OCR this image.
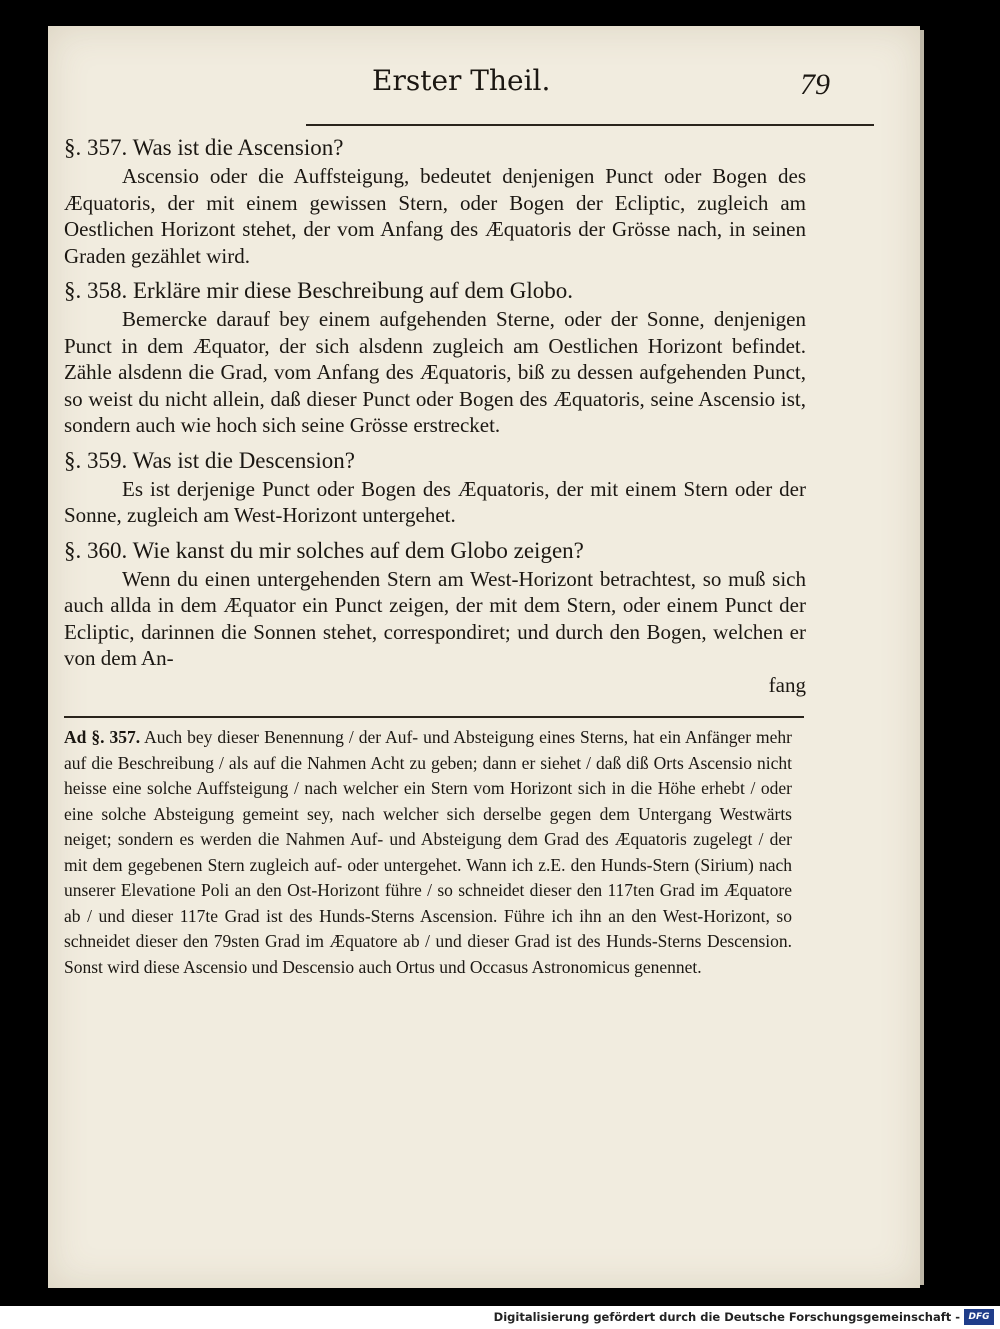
Erster Theil.	79

§. 357. Was ist die Ascension?

Ascensio oder die Auffsteigung, bedeutet denjenigen Punct oder Bogen des Æquatoris, der mit einem gewissen Stern, oder Bogen der Ecliptic, zugleich am Oestlichen Horizont stehet, der vom Anfang des Æquatoris der Grösse nach, in seinen Graden gezählet wird.

§. 358. Erkläre mir diese Beschreibung auf dem Globo.

Bemercke darauf bey einem aufgehenden Sterne, oder der Sonne, denjenigen Punct in dem Æquator, der sich alsdenn zugleich am Oestlichen Horizont befindet. Zähle alsdenn die Grad, vom Anfang des Æquatoris, biß zu dessen aufgehenden Punct, so weist du nicht allein, daß dieser Punct oder Bogen des Æquatoris, seine Ascensio ist, sondern auch wie hoch sich seine Grösse erstrecket.

§. 359. Was ist die Descension?

Es ist derjenige Punct oder Bogen des Æquatoris, der mit einem Stern oder der Sonne, zugleich am West-Horizont untergehet.

§. 360. Wie kanst du mir solches auf dem Globo zeigen?

Wenn du einen untergehenden Stern am West-Horizont betrachtest, so muß sich auch allda in dem Æquator ein Punct zeigen, der mit dem Stern, oder einem Punct der Ecliptic, darinnen die Sonnen stehet, correspondiret; und durch den Bogen, welchen er von dem An-

fang

Ad §. 357. Auch bey dieser Benennung / der Auf- und Absteigung eines Sterns, hat ein Anfänger mehr auf die Beschreibung / als auf die Nahmen Acht zu geben; dann er siehet / daß diß Orts Ascensio nicht heisse eine solche Auffsteigung / nach welcher ein Stern vom Horizont sich in die Höhe erhebt / oder eine solche Absteigung gemeint sey, nach welcher sich derselbe gegen dem Untergang Westwärts neiget; sondern es werden die Nahmen Auf- und Absteigung dem Grad des Æquatoris zugelegt / der mit dem gegebenen Stern zugleich auf- oder untergehet. Wann ich z.E. den Hunds-Stern (Sirium) nach unserer Elevatione Poli an den Ost-Horizont führe / so schneidet dieser den 117ten Grad im Æquatore ab / und dieser 117te Grad ist des Hunds-Sterns Ascension. Führe ich ihn an den West-Horizont, so schneidet dieser den 79sten Grad im Æquatore ab / und dieser Grad ist des Hunds-Sterns Descension. Sonst wird diese Ascensio und Descensio auch Ortus und Occasus Astronomicus genennet.

Digitalisierung gefördert durch die Deutsche Forschungsgemeinschaft - DFG
